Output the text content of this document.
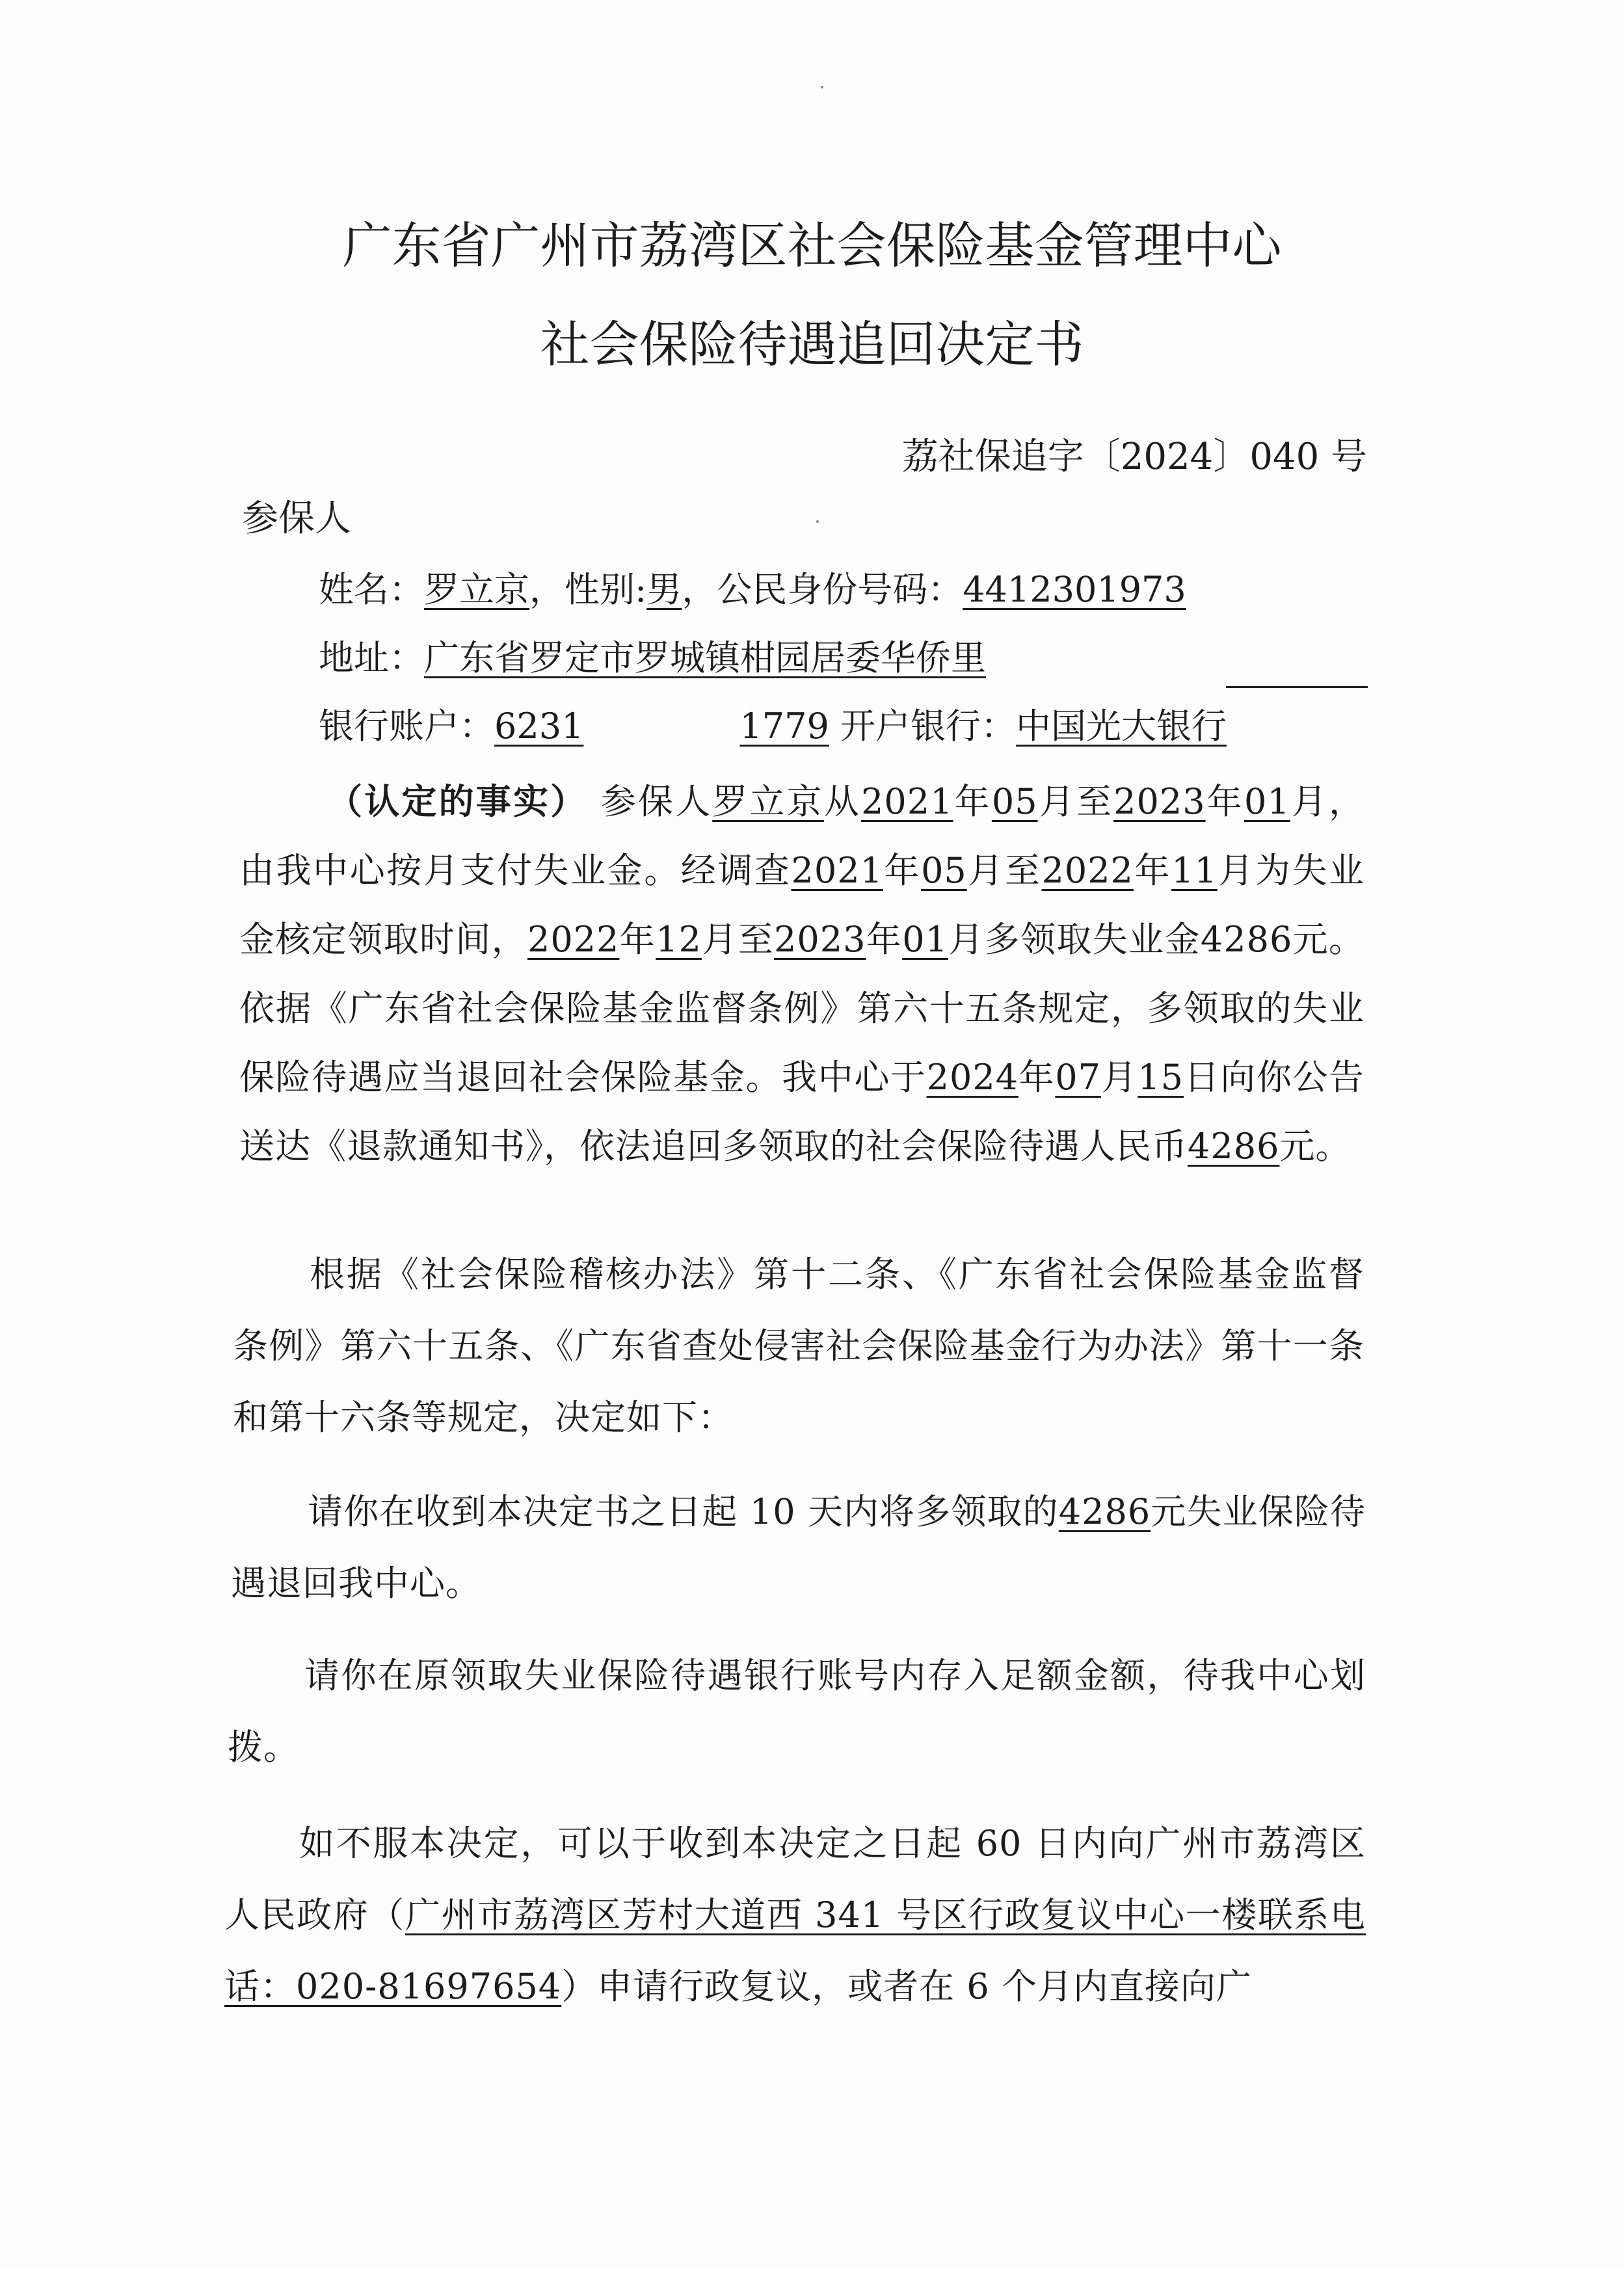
广东省广州市荔湾区社会保险基金管理中心
社会保险待遇追回决定书
荔社保追字〔2024〕040 号
参保人
姓名：罗立京，性别:男，公民身份号码：4412301973
地址：广东省罗定市罗城镇柑园居委华侨里
银行账户：6231	1779 开户银行：中国光大银行
（认定的事实） 参保人罗立京从2021年05月至2023年01月，由我中心按月支付失业金。经调查2021年05月至2022年11月为失业金核定领取时间，2022年12月至2023年01月多领取失业金4286元。依据《广东省社会保险基金监督条例》第六十五条规定，多领取的失业保险待遇应当退回社会保险基金。我中心于2024年07月15日向你公告送达《退款通知书》，依法追回多领取的社会保险待遇人民币4286元。
根据《社会保险稽核办法》第十二条、《广东省社会保险基金监督条例》第六十五条、《广东省查处侵害社会保险基金行为办法》第十一条和第十六条等规定，决定如下：
请你在收到本决定书之日起 10 天内将多领取的4286元失业保险待遇退回我中心。
请你在原领取失业保险待遇银行账号内存入足额金额，待我中心划拨。
如不服本决定，可以于收到本决定之日起 60 日内向广州市荔湾区人民政府（广州市荔湾区芳村大道西 341 号区行政复议中心一楼联系电话：020-81697654）申请行政复议，或者在 6 个月内直接向广
